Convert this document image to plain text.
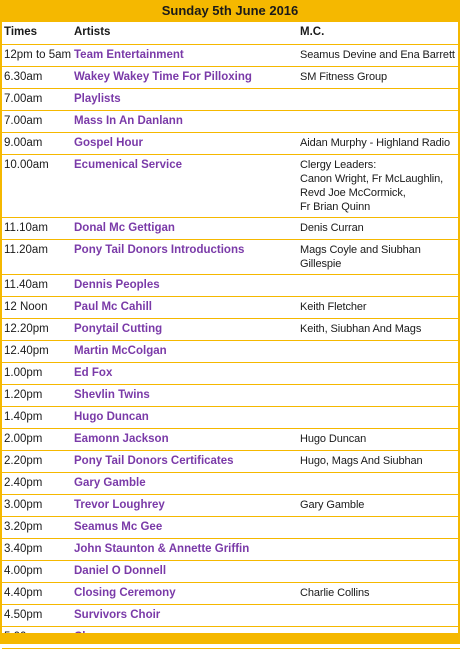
Sunday 5th June 2016
Times	Artists	M.C.
12pm to 5am	Team Entertainment	Seamus Devine and Ena Barrett
6.30am	Wakey Wakey Time For Pilloxing	SM Fitness Group
7.00am	Playlists	
7.00am	Mass In An Danlann	
9.00am	Gospel Hour	Aidan Murphy - Highland Radio
10.00am	Ecumenical Service	Clergy Leaders:
Canon Wright, Fr McLaughlin,
Revd Joe McCormick,
Fr Brian Quinn
11.10am	Donal Mc Gettigan	Denis Curran
11.20am	Pony Tail Donors Introductions	Mags Coyle and Siubhan Gillespie
11.40am	Dennis Peoples	
12 Noon	Paul Mc Cahill	Keith Fletcher
12.20pm	Ponytail Cutting	Keith, Siubhan And Mags
12.40pm	Martin McColgan	
1.00pm	Ed Fox	
1.20pm	Shevlin Twins	
1.40pm	Hugo Duncan	
2.00pm	Eamonn Jackson	Hugo Duncan
2.20pm	Pony Tail Donors Certificates	Hugo, Mags And Siubhan
2.40pm	Gary Gamble	
3.00pm	Trevor Loughrey	Gary Gamble
3.20pm	Seamus Mc Gee	
3.40pm	John Staunton & Annette Griffin	
4.00pm	Daniel O Donnell	
4.40pm	Closing Ceremony	Charlie Collins
4.50pm	Survivors Choir	
